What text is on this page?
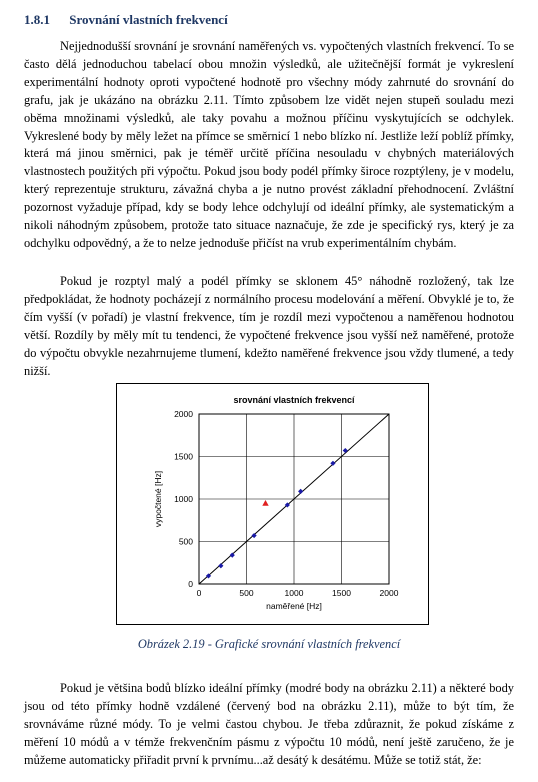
1.8.1 Srovnání vlastních frekvencí

Nejjednodušší srovnání je srovnání naměřených vs. vypočtených vlastních frekvencí. To se často dělá jednoduchou tabelací obou množin výsledků, ale užitečnější formát je vykreslení experimentální hodnoty oproti vypočtené hodnotě pro všechny módy zahrnuté do srovnání do grafu, jak je ukázáno na obrázku 2.11. Tímto způsobem lze vidět nejen stupeň souladu mezi oběma množinami výsledků, ale taky povahu a možnou příčinu vyskytujících se odchylek. Vykreslené body by měly ležet na přímce se směrnicí 1 nebo blízko ní. Jestliže leží poblíž přímky, která má jinou směrnici, pak je téměř určitě příčina nesouladu v chybných materiálových vlastnostech použitých při výpočtu. Pokud jsou body podél přímky široce rozptýleny, je v modelu, který reprezentuje strukturu, závažná chyba a je nutno provést základní přehodnocení. Zvláštní pozornost vyžaduje případ, kdy se body lehce odchylují od ideální přímky, ale systematickým a nikoli náhodným způsobem, protože tato situace naznačuje, že zde je specifický rys, který je za odchylku odpovědný, a že to nelze jednoduše přičíst na vrub experimentálním chybám.

Pokud je rozptyl malý a podél přímky se sklonem 45° náhodně rozložený, tak lze předpokládat, že hodnoty pocházejí z normálního procesu modelování a měření. Obvyklé je to, že čím vyšší (v pořadí) je vlastní frekvence, tím je rozdíl mezi vypočtenou a naměřenou hodnotou větší. Rozdíly by měly mít tu tendenci, že vypočtené frekvence jsou vyšší než naměřené, protože do výpočtu obvykle nezahrnujeme tlumení, kdežto naměřené frekvence jsou vždy tlumené, a tedy nižší.

srovnání vlastních frekvencí
0	500	1000	1500	2000
0
500
1000
1500
2000
naměřené [Hz]
vypočtené [Hz]
Obrázek 2.19 - Grafické srovnání vlastních frekvencí

Pokud je většina bodů blízko ideální přímky (modré body na obrázku 2.11) a některé body jsou od této přímky hodně vzdálené (červený bod na obrázku 2.11), může to být tím, že srovnáváme různé módy. To je velmi častou chybou. Je třeba zdůraznit, že pokud získáme z měření 10 módů a v témže frekvenčním pásmu z výpočtu 10 módů, není ještě zaručeno, že je můžeme automaticky přiřadit první k prvnímu...až desátý k desátému. Může se totiž stát, že:
